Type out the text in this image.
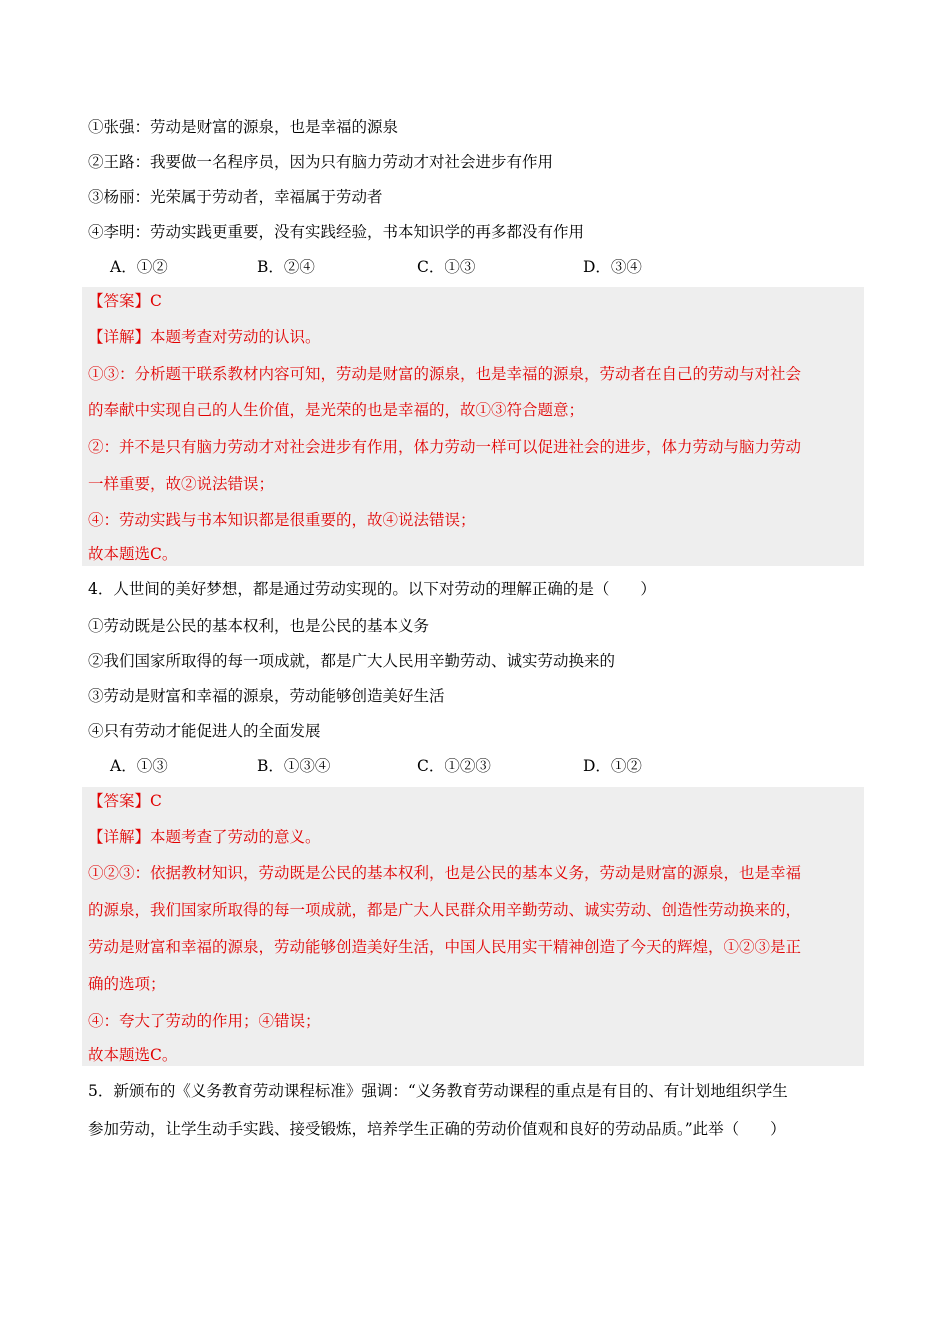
①张强：劳动是财富的源泉，也是幸福的源泉
②王路：我要做一名程序员，因为只有脑力劳动才对社会进步有作用
③杨丽：光荣属于劳动者，幸福属于劳动者
④李明：劳动实践更重要，没有实践经验，书本知识学的再多都没有作用
A．①②	B．②④	C．①③	D．③④
【答案】C
【详解】本题考查对劳动的认识。
①③：分析题干联系教材内容可知，劳动是财富的源泉，也是幸福的源泉，劳动者在自己的劳动与对社会
的奉献中实现自己的人生价值，是光荣的也是幸福的，故①③符合题意；
②：并不是只有脑力劳动才对社会进步有作用，体力劳动一样可以促进社会的进步，体力劳动与脑力劳动
一样重要，故②说法错误；
④：劳动实践与书本知识都是很重要的，故④说法错误；
故本题选C。
4．人世间的美好梦想，都是通过劳动实现的。以下对劳动的理解正确的是（　　）
①劳动既是公民的基本权利，也是公民的基本义务
②我们国家所取得的每一项成就，都是广大人民用辛勤劳动、诚实劳动换来的
③劳动是财富和幸福的源泉，劳动能够创造美好生活
④只有劳动才能促进人的全面发展
A．①③	B．①③④	C．①②③	D．①②
【答案】C
【详解】本题考查了劳动的意义。
①②③：依据教材知识，劳动既是公民的基本权利，也是公民的基本义务，劳动是财富的源泉，也是幸福
的源泉，我们国家所取得的每一项成就，都是广大人民群众用辛勤劳动、诚实劳动、创造性劳动换来的，
劳动是财富和幸福的源泉，劳动能够创造美好生活，中国人民用实干精神创造了今天的辉煌，①②③是正
确的选项；
④：夸大了劳动的作用；④错误；
故本题选C。
5．新颁布的《义务教育劳动课程标准》强调：“义务教育劳动课程的重点是有目的、有计划地组织学生
参加劳动，让学生动手实践、接受锻炼，培养学生正确的劳动价值观和良好的劳动品质。”此举（　　）
